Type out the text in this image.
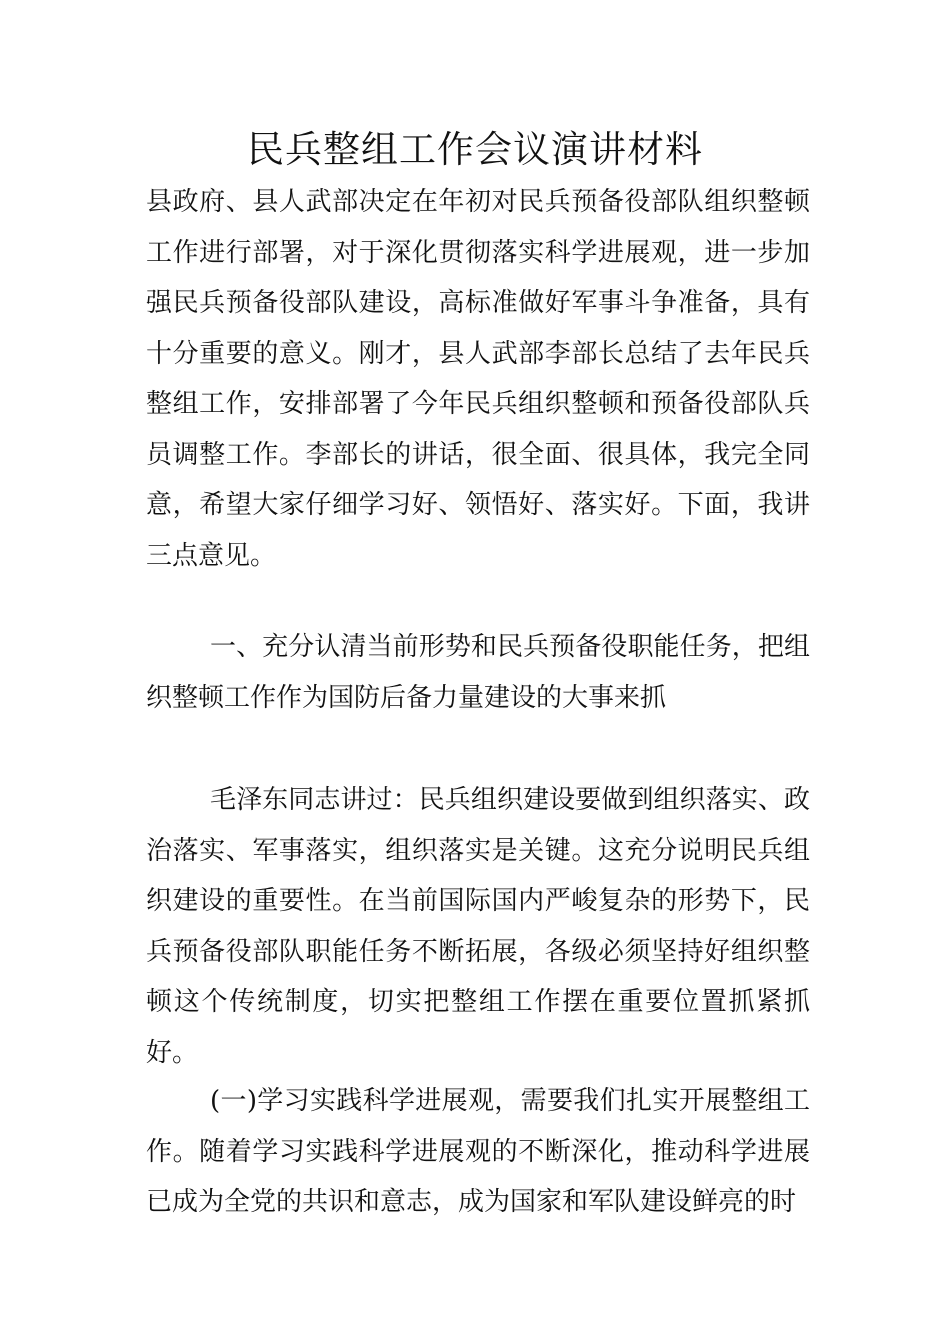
民兵整组工作会议演讲材料

县政府、县人武部决定在年初对民兵预备役部队组织整顿工作进行部署，对于深化贯彻落实科学进展观，进一步加强民兵预备役部队建设，高标准做好军事斗争准备，具有十分重要的意义。刚才，县人武部李部长总结了去年民兵整组工作，安排部署了今年民兵组织整顿和预备役部队兵员调整工作。李部长的讲话，很全面、很具体，我完全同意，希望大家仔细学习好、领悟好、落实好。下面，我讲三点意见。

一、充分认清当前形势和民兵预备役职能任务，把组织整顿工作作为国防后备力量建设的大事来抓

毛泽东同志讲过：民兵组织建设要做到组织落实、政治落实、军事落实，组织落实是关键。这充分说明民兵组织建设的重要性。在当前国际国内严峻复杂的形势下，民兵预备役部队职能任务不断拓展，各级必须坚持好组织整顿这个传统制度，切实把整组工作摆在重要位置抓紧抓好。

(一)学习实践科学进展观，需要我们扎实开展整组工作。随着学习实践科学进展观的不断深化，推动科学进展已成为全党的共识和意志，成为国家和军队建设鲜亮的时
